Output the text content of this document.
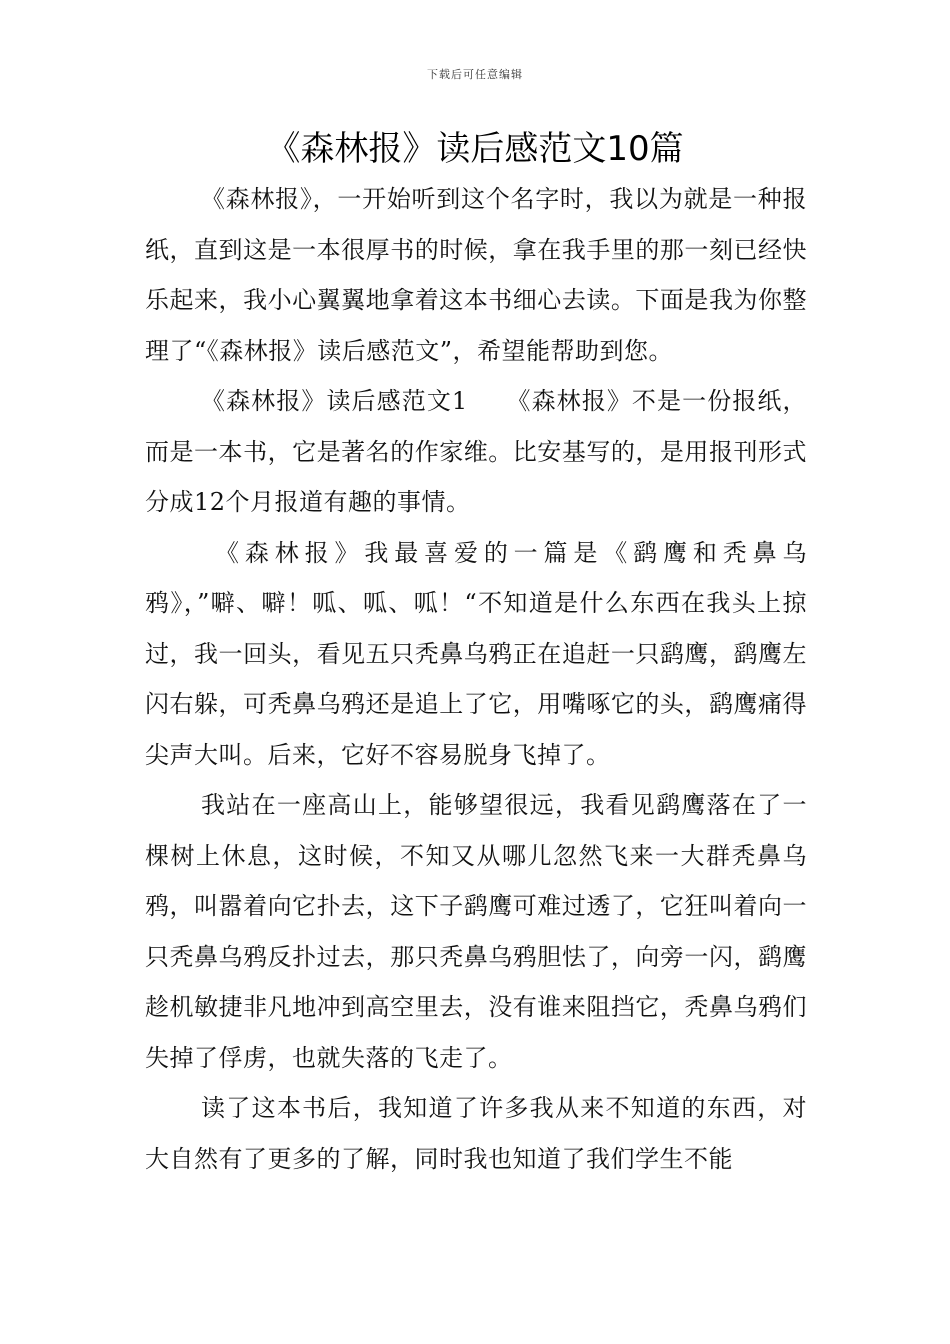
下载后可任意编辑
《森林报》读后感范文10篇

《森林报》，一开始听到这个名字时，我以为就是一种报纸，直到这是一本很厚书的时候，拿在我手里的那一刻已经快乐起来，我小心翼翼地拿着这本书细心去读。下面是我为你整理了“《森林报》读后感范文”，希望能帮助到您。

《森林报》读后感范文1　　《森林报》不是一份报纸，而是一本书，它是著名的作家维。比安基写的，是用报刊形式分成12个月报道有趣的事情。

《森林报》我最喜爱的一篇是《鹞鹰和秃鼻乌鸦》，”噼、噼！呱、呱、呱！“不知道是什么东西在我头上掠过，我一回头，看见五只秃鼻乌鸦正在追赶一只鹞鹰，鹞鹰左闪右躲，可秃鼻乌鸦还是追上了它，用嘴啄它的头，鹞鹰痛得尖声大叫。后来，它好不容易脱身飞掉了。

我站在一座高山上，能够望很远，我看见鹞鹰落在了一棵树上休息，这时候，不知又从哪儿忽然飞来一大群秃鼻乌鸦，叫嚣着向它扑去，这下子鹞鹰可难过透了，它狂叫着向一只秃鼻乌鸦反扑过去，那只秃鼻乌鸦胆怯了，向旁一闪，鹞鹰趁机敏捷非凡地冲到高空里去，没有谁来阻挡它，秃鼻乌鸦们失掉了俘虏，也就失落的飞走了。

读了这本书后，我知道了许多我从来不知道的东西，对大自然有了更多的了解，同时我也知道了我们学生不能
